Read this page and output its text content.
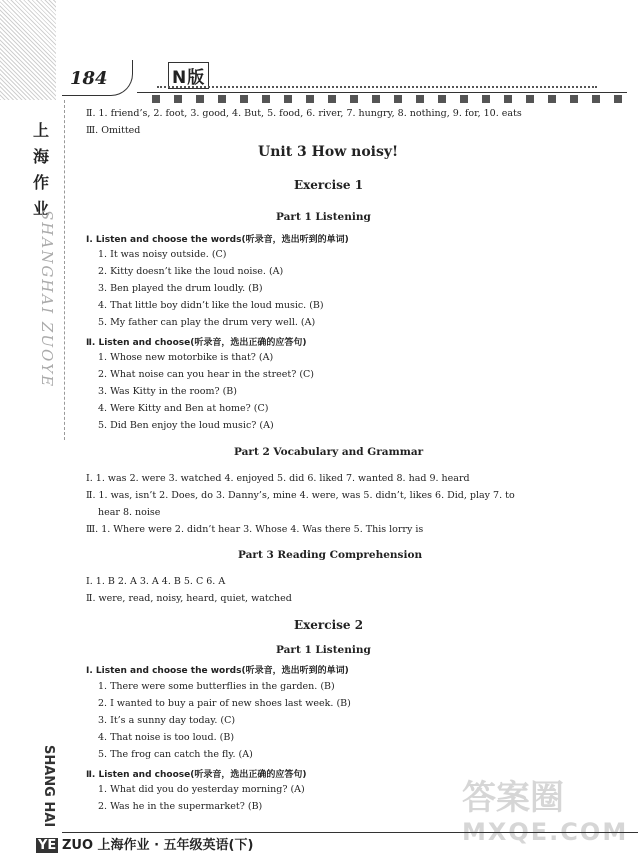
上
海
作
业
SHANGHAI ZUOYE
SHANG HAI
YE
184	N版
Ⅱ. 1. friend’s, 2. foot, 3. good, 4. But, 5. food, 6. river, 7. hungry, 8. nothing, 9. for, 10. eats
Ⅲ. Omitted
Unit 3 How noisy!
Exercise 1
Part 1 Listening
Ⅰ. Listen and choose the words(听录音，选出听到的单词)
1. It was noisy outside. (C)
2. Kitty doesn’t like the loud noise. (A)
3. Ben played the drum loudly. (B)
4. That little boy didn’t like the loud music. (B)
5. My father can play the drum very well. (A)
Ⅱ. Listen and choose(听录音，选出正确的应答句)
1. Whose new motorbike is that? (A)
2. What noise can you hear in the street? (C)
3. Was Kitty in the room? (B)
4. Were Kitty and Ben at home? (C)
5. Did Ben enjoy the loud music? (A)
Part 2 Vocabulary and Grammar
Ⅰ. 1. was 2. were 3. watched 4. enjoyed 5. did 6. liked 7. wanted 8. had 9. heard
Ⅱ. 1. was, isn’t 2. Does, do 3. Danny’s, mine 4. were, was 5. didn’t, likes 6. Did, play 7. to
hear 8. noise
Ⅲ. 1. Where were 2. didn’t hear 3. Whose 4. Was there 5. This lorry is
Part 3 Reading Comprehension
Ⅰ. 1. B 2. A 3. A 4. B 5. C 6. A
Ⅱ. were, read, noisy, heard, quiet, watched
Exercise 2
Part 1 Listening
Ⅰ. Listen and choose the words(听录音，选出听到的单词)
1. There were some butterflies in the garden. (B)
2. I wanted to buy a pair of new shoes last week. (B)
3. It’s a sunny day today. (C)
4. That noise is too loud. (B)
5. The frog can catch the fly. (A)
Ⅱ. Listen and choose(听录音，选出正确的应答句)
1. What did you do yesterday morning? (A)
2. Was he in the supermarket? (B)	答案圈
MXQE.COM
ZUO 上海作业 · 五年级英语(下)
